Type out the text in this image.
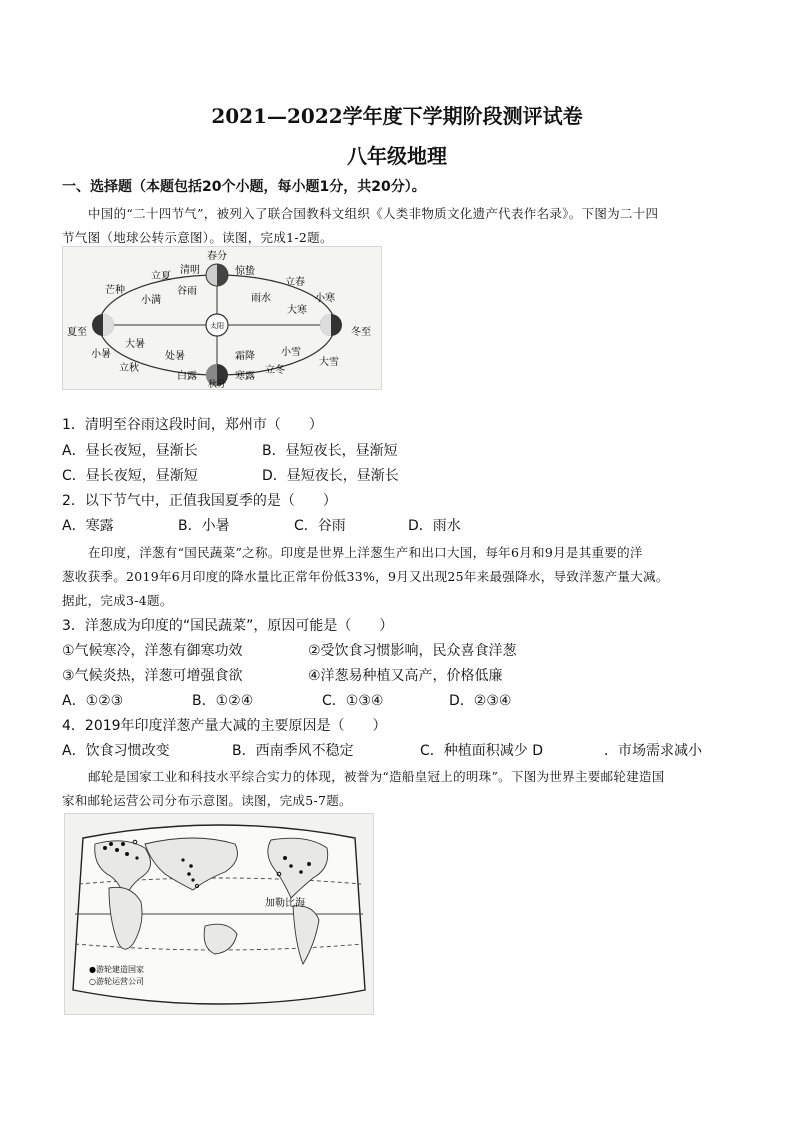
2021—2022学年度下学期阶段测评试卷
八年级地理
一、选择题（本题包括20个小题，每小题1分，共20分）。
中国的“二十四节气”，被列入了联合国教科文组织《人类非物质文化遗产代表作名录》。下图为二十四
节气图（地球公转示意图）。读图，完成1-2题。
春分
清明	惊蛰
立夏
立春
芒种	谷雨
小满	雨水	小寒
大寒
夏至	冬至
太阳
小暑
大暑
处暑	霜降	小雪
大雪
立秋
白露	寒露
立冬
秋分
1．清明至谷雨这段时间，郑州市（　　）
A．昼长夜短，昼渐长	B．昼短夜长，昼渐短
C．昼长夜短，昼渐短	D．昼短夜长，昼渐长
2．以下节气中，正值我国夏季的是（　　）
A．寒露	B．小暑	C．谷雨	D．雨水
在印度，洋葱有“国民蔬菜”之称。印度是世界上洋葱生产和出口大国，每年6月和9月是其重要的洋
葱收获季。2019年6月印度的降水量比正常年份低33%，9月又出现25年来最强降水，导致洋葱产量大减。
据此，完成3-4题。
3．洋葱成为印度的“国民蔬菜”，原因可能是（　　）
①气候寒冷，洋葱有御寒功效	②受饮食习惯影响，民众喜食洋葱
③气候炎热，洋葱可增强食欲	④洋葱易种植又高产，价格低廉
A．①②③	B．①②④	C．①③④	D．②③④
4．2019年印度洋葱产量大减的主要原因是（　　）
A．饮食习惯改变	B．西南季风不稳定	C．种植面积减少 D	．市场需求减小
邮轮是国家工业和科技水平综合实力的体现，被誉为“造船皇冠上的明珠”。下图为世界主要邮轮建造国
家和邮轮运营公司分布示意图。读图，完成5-7题。
加勒比海
●游轮建造国家
○游轮运营公司
